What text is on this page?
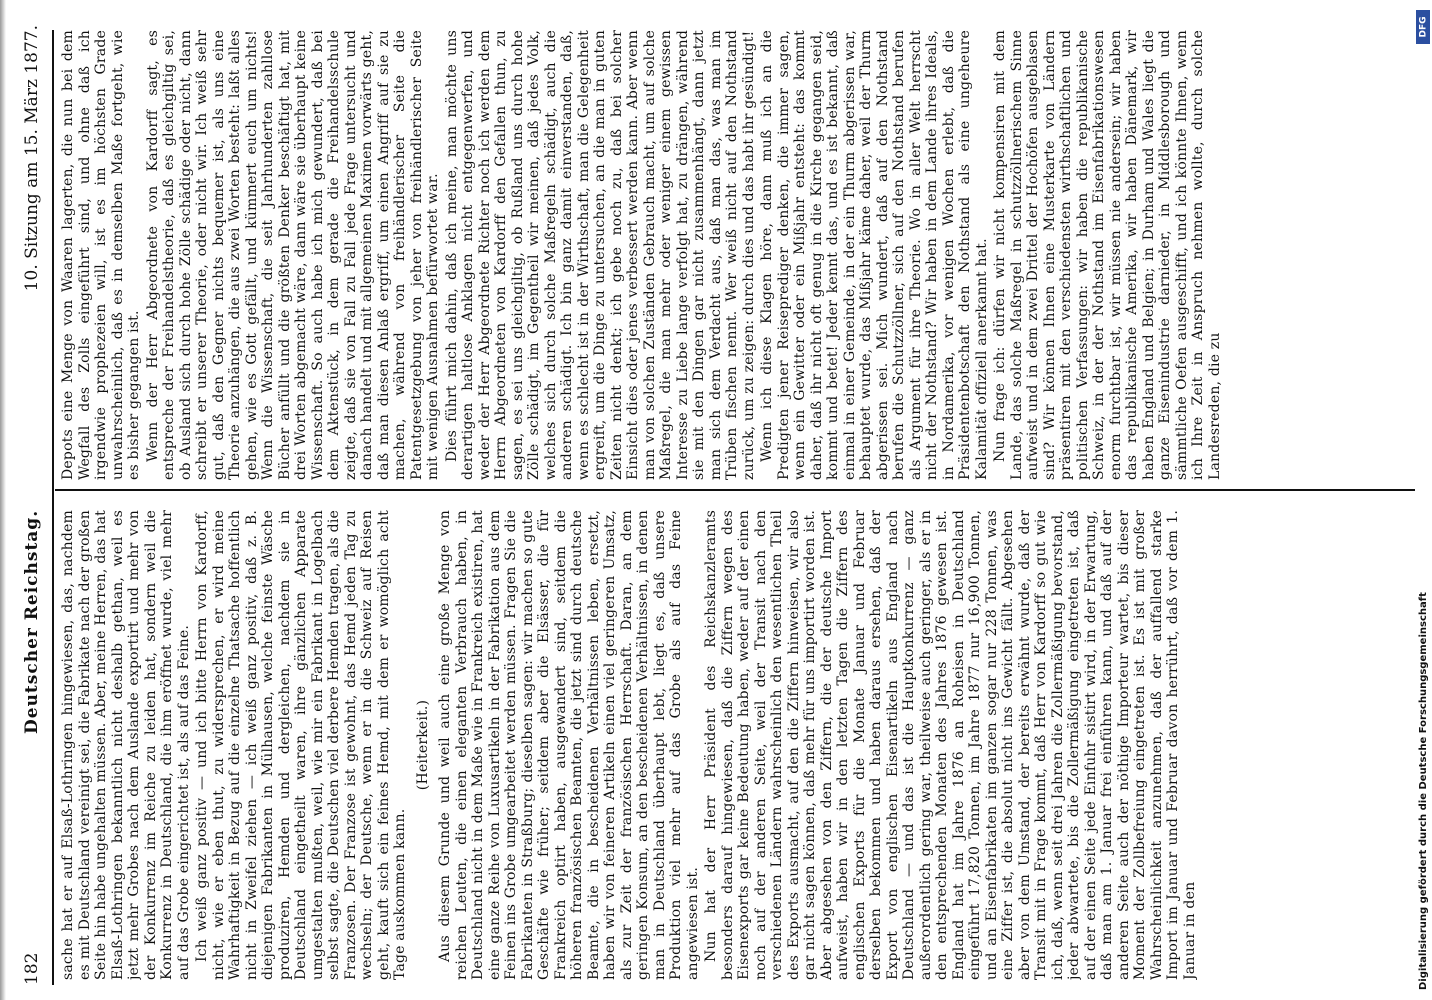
182
Deutscher Reichstag.
10. Sitzung am 15. März 1877.

sache hat er auf Elsaß-Lothringen hingewiesen, das, nachdem es mit Deutschland vereinigt sei, die Fabrikate nach der großen Seite hin habe ungehalten müssen. Aber, meine Herren, das hat Elsaß-Lothringen bekanntlich nicht deshalb gethan, weil es jetzt mehr Grobes nach dem Auslande exportirt und mehr von der Konkurrenz im Reiche zu leiden hat, sondern weil die Konkurrenz in Deutschland, die ihm eröffnet wurde, viel mehr auf das Grobe eingerichtet ist, als auf das Feine. Ich weiß ganz positiv — und ich bitte Herrn von Kardorff, nicht, wie er eben thut, zu widersprechen, er wird meine Wahrhaftigkeit in Bezug auf die einzelne Thatsache hoffentlich nicht in Zweifel ziehen — ich weiß ganz positiv, daß z. B. diejenigen Fabrikanten in Mülhausen, welche feinste Wäsche produziren, Hemden und dergleichen, nachdem sie in Deutschland eingetheilt waren, ihre gänzlichen Apparate umgestalten mußten, weil, wie mir ein Fabrikant in Logelbach selbst sagte, die Deutschen viel derbere Hemden tragen, als die Franzosen. Der Franzose ist gewohnt, das Hemd jeden Tag zu wechseln; der Deutsche, wenn er in die Schweiz auf Reisen geht, kauft sich ein feines Hemd, mit dem er womöglich acht Tage auskommen kann.

(Heiterkeit.) Aus diesem Grunde und weil auch eine große Menge von reichen Leuten, die einen eleganten Verbrauch haben, in Deutschland nicht in dem Maße wie in Frankreich existiren, hat eine ganze Reihe von Luxusartikeln in der Fabrikation aus dem Feinen ins Grobe umgearbeitet werden müssen. Fragen Sie die Fabrikanten in Straßburg; dieselben sagen: wir machen so gute Geschäfte wie früher; seitdem aber die Elsässer, die für Frankreich optirt haben, ausgewandert sind, seitdem die höheren französischen Beamten, die jetzt sind durch deutsche Beamte, die in bescheidenen Verhältnissen leben, ersetzt, haben wir von feineren Artikeln einen viel geringeren Umsatz, als zur Zeit der französischen Herrschaft. Daran, an dem geringen Konsum, an den bescheidenen Verhältnissen, in denen man in Deutschland überhaupt lebt, liegt es, daß unsere Produktion viel mehr auf das Grobe als auf das Feine angewiesen ist. Nun hat der Herr Präsident des Reichskanzleramts besonders darauf hingewiesen, daß die Ziffern wegen des Eisenexports gar keine Bedeutung haben, weder auf der einen noch auf der anderen Seite, weil der Transit nach den verschiedenen Ländern wahrscheinlich den wesentlichen Theil des Exports ausmacht, auf den die Ziffern hinweisen, wir also gar nicht sagen können, daß mehr für uns importirt worden ist. Aber abgesehen von den Ziffern, die der deutsche Import aufweist, haben wir in den letzten Tagen die Ziffern des englischen Exports für die Monate Januar und Februar derselben bekommen und haben daraus ersehen, daß der Export von englischen Eisenartikeln aus England nach Deutschland — und das ist die Hauptkonkurrenz — ganz außerordentlich gering war, theilweise auch geringer, als er in den entsprechenden Monaten des Jahres 1876 gewesen ist. England hat im Jahre 1876 an Roheisen in Deutschland eingeführt 17,820 Tonnen, im Jahre 1877 nur 16,900 Tonnen, und an Eisenfabrikaten im ganzen sogar nur 228 Tonnen, was eine Ziffer ist, die absolut nicht ins Gewicht fällt. Abgesehen aber von dem Umstand, der bereits erwähnt wurde, daß der Transit mit in Frage kommt, daß Herr von Kardorff so gut wie ich, daß, wenn seit drei Jahren die Zollermäßigung bevorstand, jeder abwartete, bis die Zollermäßigung eingetreten ist, daß auf der einen Seite jede Einfuhr sistirt wird, in der Erwartung, daß man am 1. Januar frei einführen kann, und daß auf der anderen Seite auch der nöthige Importeur wartet, bis dieser Moment der Zollbefreiung eingetreten ist. Es ist mit großer Wahrscheinlichkeit anzunehmen, daß der auffallend starke Import im Januar und Februar davon herrührt, daß vor dem 1. Januar in den

Depots eine Menge von Waaren lagerten, die nun bei dem Wegfall des Zolls eingeführt sind, und ohne daß ich irgendwie prophezeien will, ist es im höchsten Grade unwahrscheinlich, daß es in demselben Maße fortgeht, wie es bisher gegangen ist. Wenn der Herr Abgeordnete von Kardorff sagt, es entspreche der Freihandelstheorie, daß es gleichgiltig sei, ob Ausland sich durch hohe Zölle schädige oder nicht, dann schreibt er unserer Theorie, oder nicht wir. Ich weiß sehr gut, daß den Gegner nichts bequemer ist, als uns eine Theorie anzuhängen, die aus zwei Worten besteht: laßt alles gehen, wie es Gott gefällt, und kümmert euch um nichts! Wenn die Wissenschaft, die seit Jahrhunderten zahllose Bücher anfüllt und die größten Denker beschäftigt hat, mit drei Worten abgemacht wäre, dann wäre sie überhaupt keine Wissenschaft. So auch habe ich mich gewundert, daß bei dem Aktenstück, in dem gerade die Freihandelsschule zeigte, daß sie von Fall zu Fall jede Frage untersucht und danach handelt und mit allgemeinen Maximen vorwärts geht, daß man diesen Anlaß ergriff, um einen Angriff auf sie zu machen, während von freihändlerischer Seite die Patentgesetzgebung von jeher von freihändlerischer Seite mit wenigen Ausnahmen befürwortet war. Dies führt mich dahin, daß ich meine, man möchte uns derartigen haltlose Anklagen nicht entgegenwerfen, und weder der Herr Abgeordnete Richter noch ich werden dem Herrn Abgeordneten von Kardorff den Gefallen thun, zu sagen, es sei uns gleichgiltig, ob Rußland uns durch hohe Zölle schädigt, im Gegentheil wir meinen, daß jedes Volk, welches sich durch solche Maßregeln schädigt, auch die anderen schädigt. Ich bin ganz damit einverstanden, daß, wenn es schlecht ist in der Wirthschaft, man die Gelegenheit ergreift, um die Dinge zu untersuchen, an die man in guten Zeiten nicht denkt; ich gebe noch zu, daß bei solcher Einsicht dies oder jenes verbessert werden kann. Aber wenn man von solchen Zuständen Gebrauch macht, um auf solche Maßregel, die man mehr oder weniger einem gewissen Interesse zu Liebe lange verfolgt hat, zu drängen, während sie mit den Dingen gar nicht zusammenhängt, dann jetzt man sich dem Verdacht aus, daß man das, was man im Trüben fischen nennt. Wer weiß nicht auf den Nothstand zurück, um zu zeigen: durch dies und das habt ihr gesündigt! Wenn ich diese Klagen höre, dann muß ich an die Predigten jener Reiseprediger denken, die immer sagen, wenn ein Gewitter oder ein Mißjahr entsteht: das kommt daher, daß ihr nicht oft genug in die Kirche gegangen seid, kommt und betet! Jeder kennt das, und es ist bekannt, daß einmal in einer Gemeinde, in der ein Thurm abgerissen war, behauptet wurde, das Mißjahr käme daher, weil der Thurm abgerissen sei. Mich wundert, daß auf den Nothstand berufen die Schutzzöllner, sich auf den Nothstand berufen als Argument für ihre Theorie. Wo in aller Welt herrscht nicht der Nothstand? Wir haben in dem Lande ihres Ideals, in Nordamerika, vor wenigen Wochen erlebt, daß die Präsidentenbotschaft den Nothstand als eine ungeheure Kalamität offiziell anerkannt hat. Nun frage ich: dürfen wir nicht kompensiren mit dem Lande, das solche Maßregel in schutzzöllnerischem Sinne aufweist und in dem zwei Drittel der Hochöfen ausgeblasen sind? Wir können Ihnen eine Musterkarte von Ländern präsentiren mit den verschiedensten wirthschaftlichen und politischen Verfassungen: wir haben die republikanische Schweiz, in der der Nothstand im Eisenfabrikationswesen enorm furchtbar ist, wir müssen nie andersein; wir haben das republikanische Amerika, wir haben Dänemark, wir haben England und Belgien; in Durham und Wales liegt die ganze Eisenindustrie darnieder, in Middlesborough und sämmtliche Oefen ausgeschifft, und ich könnte Ihnen, wenn ich Ihre Zeit in Anspruch nehmen wollte, durch solche Landesreden, die zu

Digitalisierung gefördert durch die Deutsche Forschungsgemeinschaft
DFG
